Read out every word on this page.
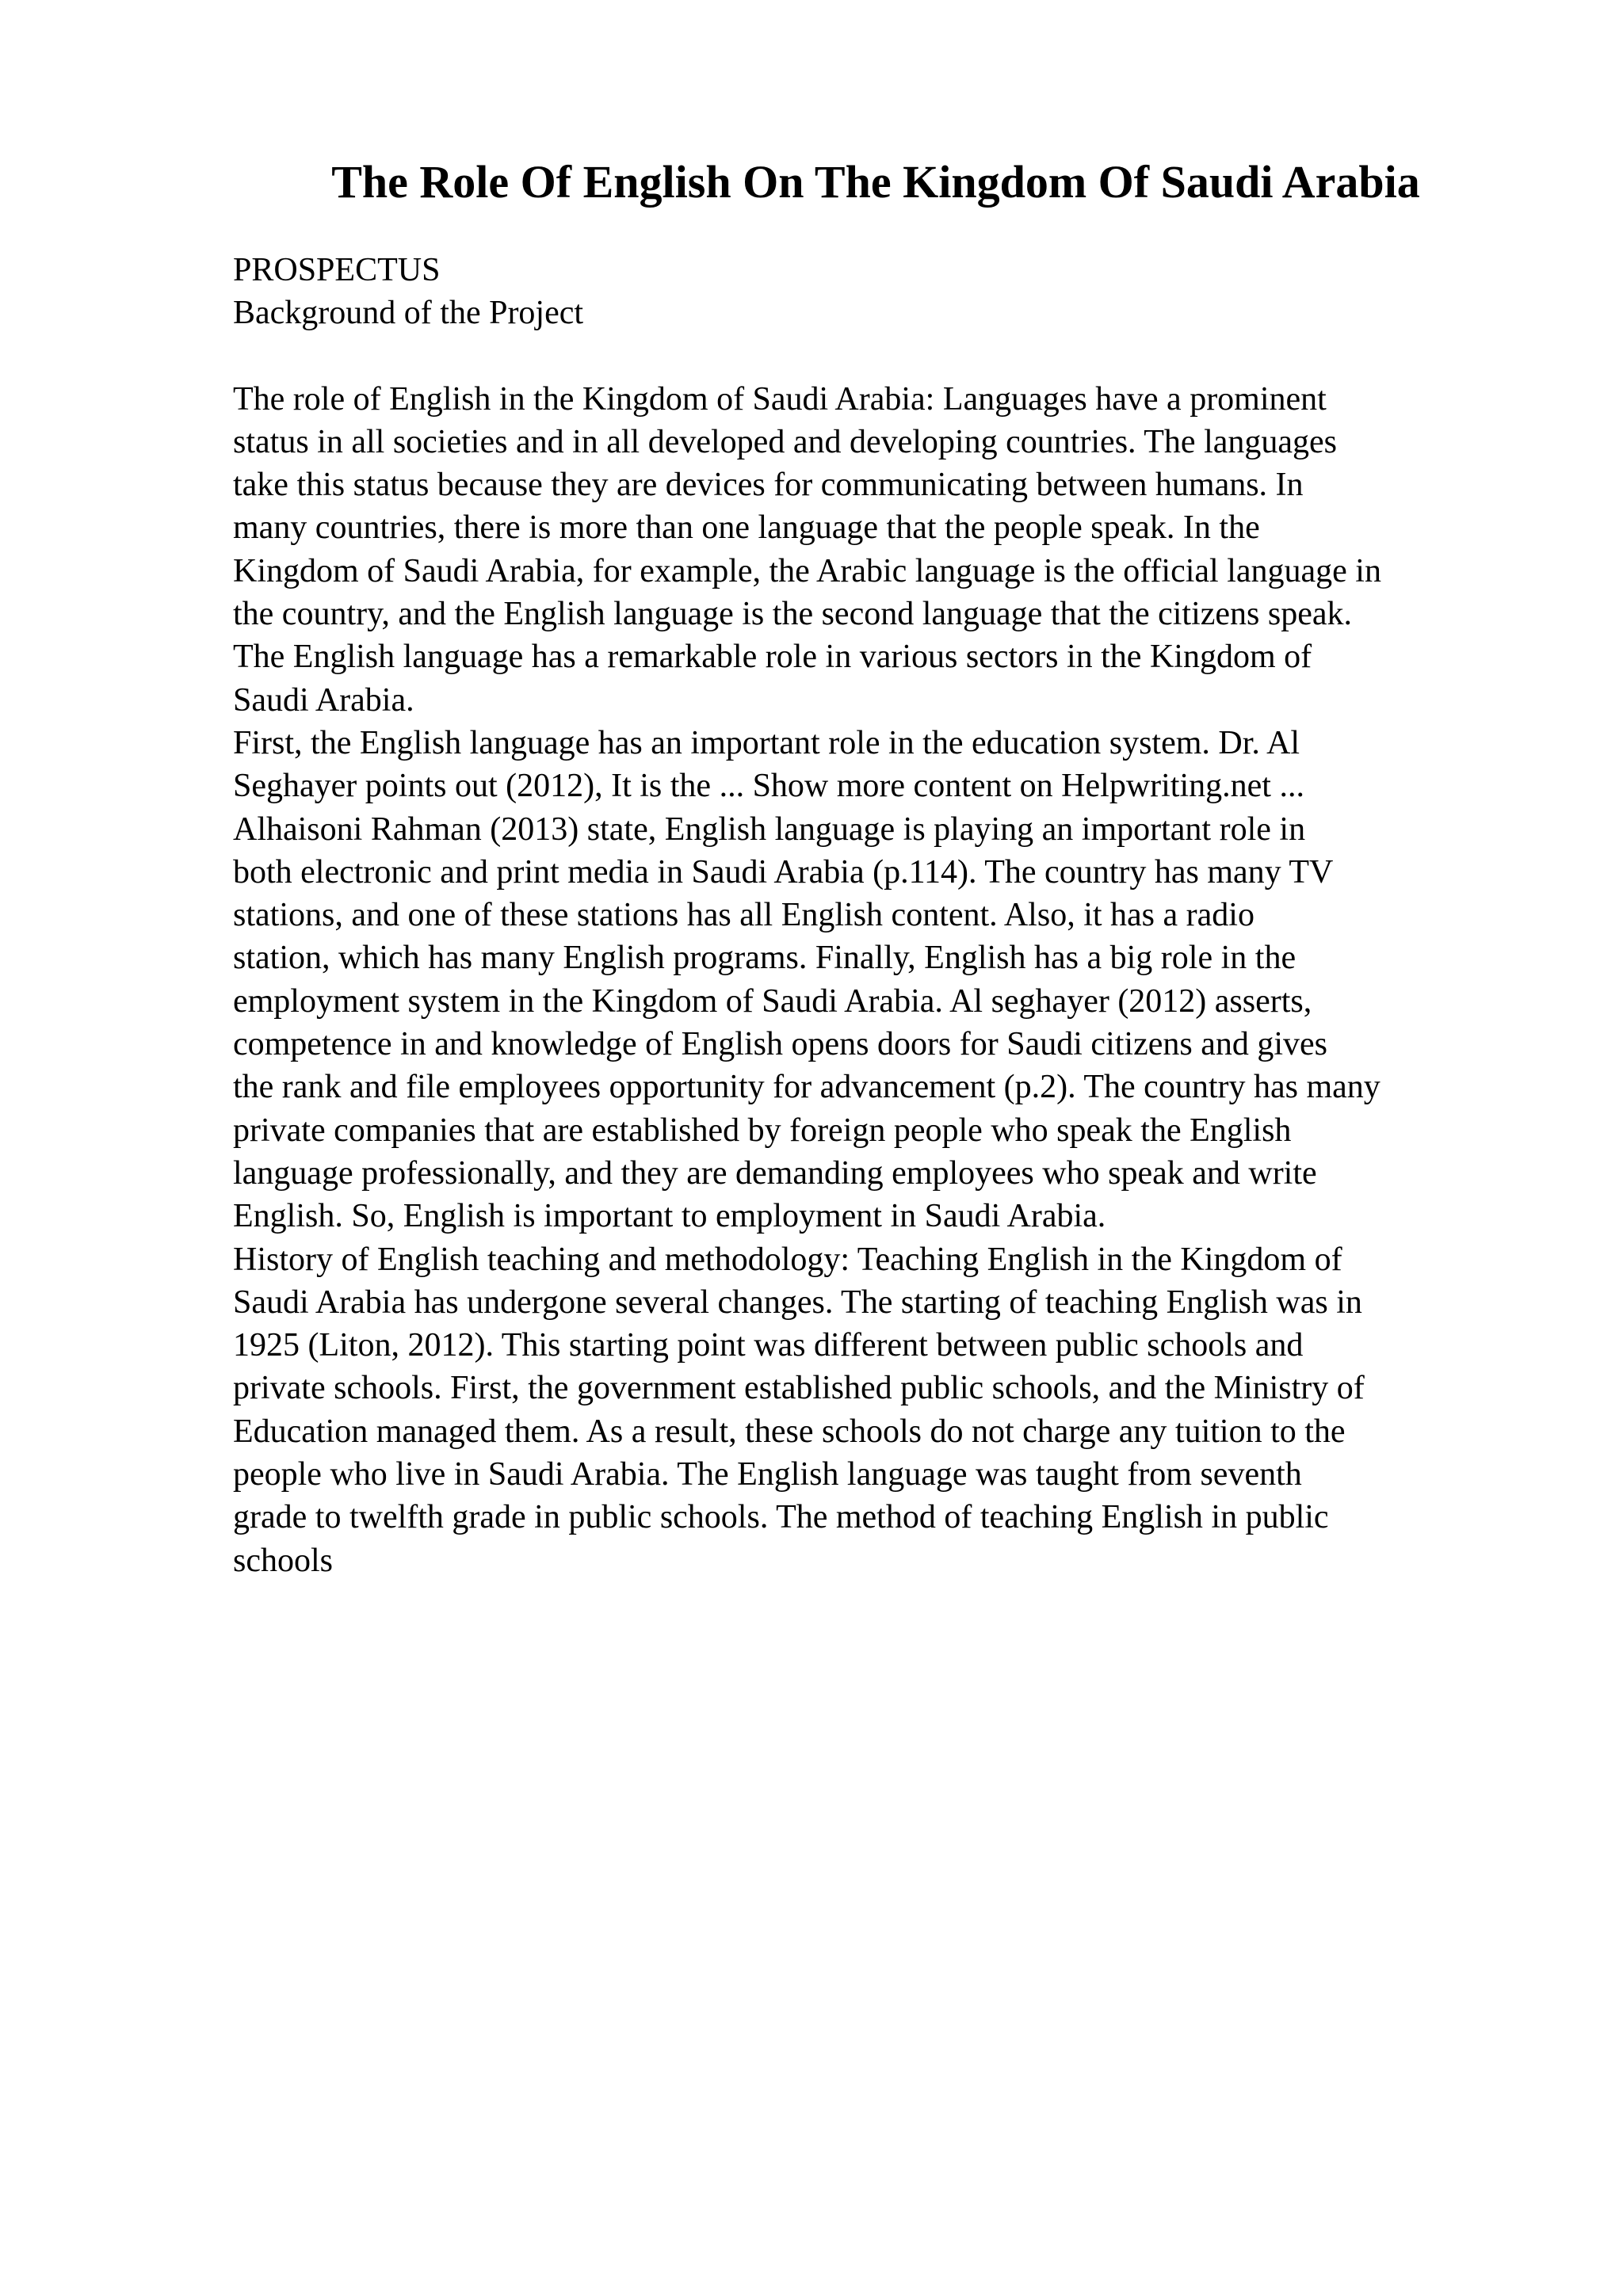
The Role Of English On The Kingdom Of Saudi Arabia
PROSPECTUS
Background of the Project
The role of English in the Kingdom of Saudi Arabia: Languages have a prominent
status in all societies and in all developed and developing countries. The languages
take this status because they are devices for communicating between humans. In
many countries, there is more than one language that the people speak. In the
Kingdom of Saudi Arabia, for example, the Arabic language is the official language in
the country, and the English language is the second language that the citizens speak.
The English language has a remarkable role in various sectors in the Kingdom of
Saudi Arabia.
First, the English language has an important role in the education system. Dr. Al
Seghayer points out (2012), It is the ... Show more content on Helpwriting.net ...
Alhaisoni Rahman (2013) state, English language is playing an important role in
both electronic and print media in Saudi Arabia (p.114). The country has many TV
stations, and one of these stations has all English content. Also, it has a radio
station, which has many English programs. Finally, English has a big role in the
employment system in the Kingdom of Saudi Arabia. Al seghayer (2012) asserts,
competence in and knowledge of English opens doors for Saudi citizens and gives
the rank and file employees opportunity for advancement (p.2). The country has many
private companies that are established by foreign people who speak the English
language professionally, and they are demanding employees who speak and write
English. So, English is important to employment in Saudi Arabia.
History of English teaching and methodology: Teaching English in the Kingdom of
Saudi Arabia has undergone several changes. The starting of teaching English was in
1925 (Liton, 2012). This starting point was different between public schools and
private schools. First, the government established public schools, and the Ministry of
Education managed them. As a result, these schools do not charge any tuition to the
people who live in Saudi Arabia. The English language was taught from seventh
grade to twelfth grade in public schools. The method of teaching English in public
schools
